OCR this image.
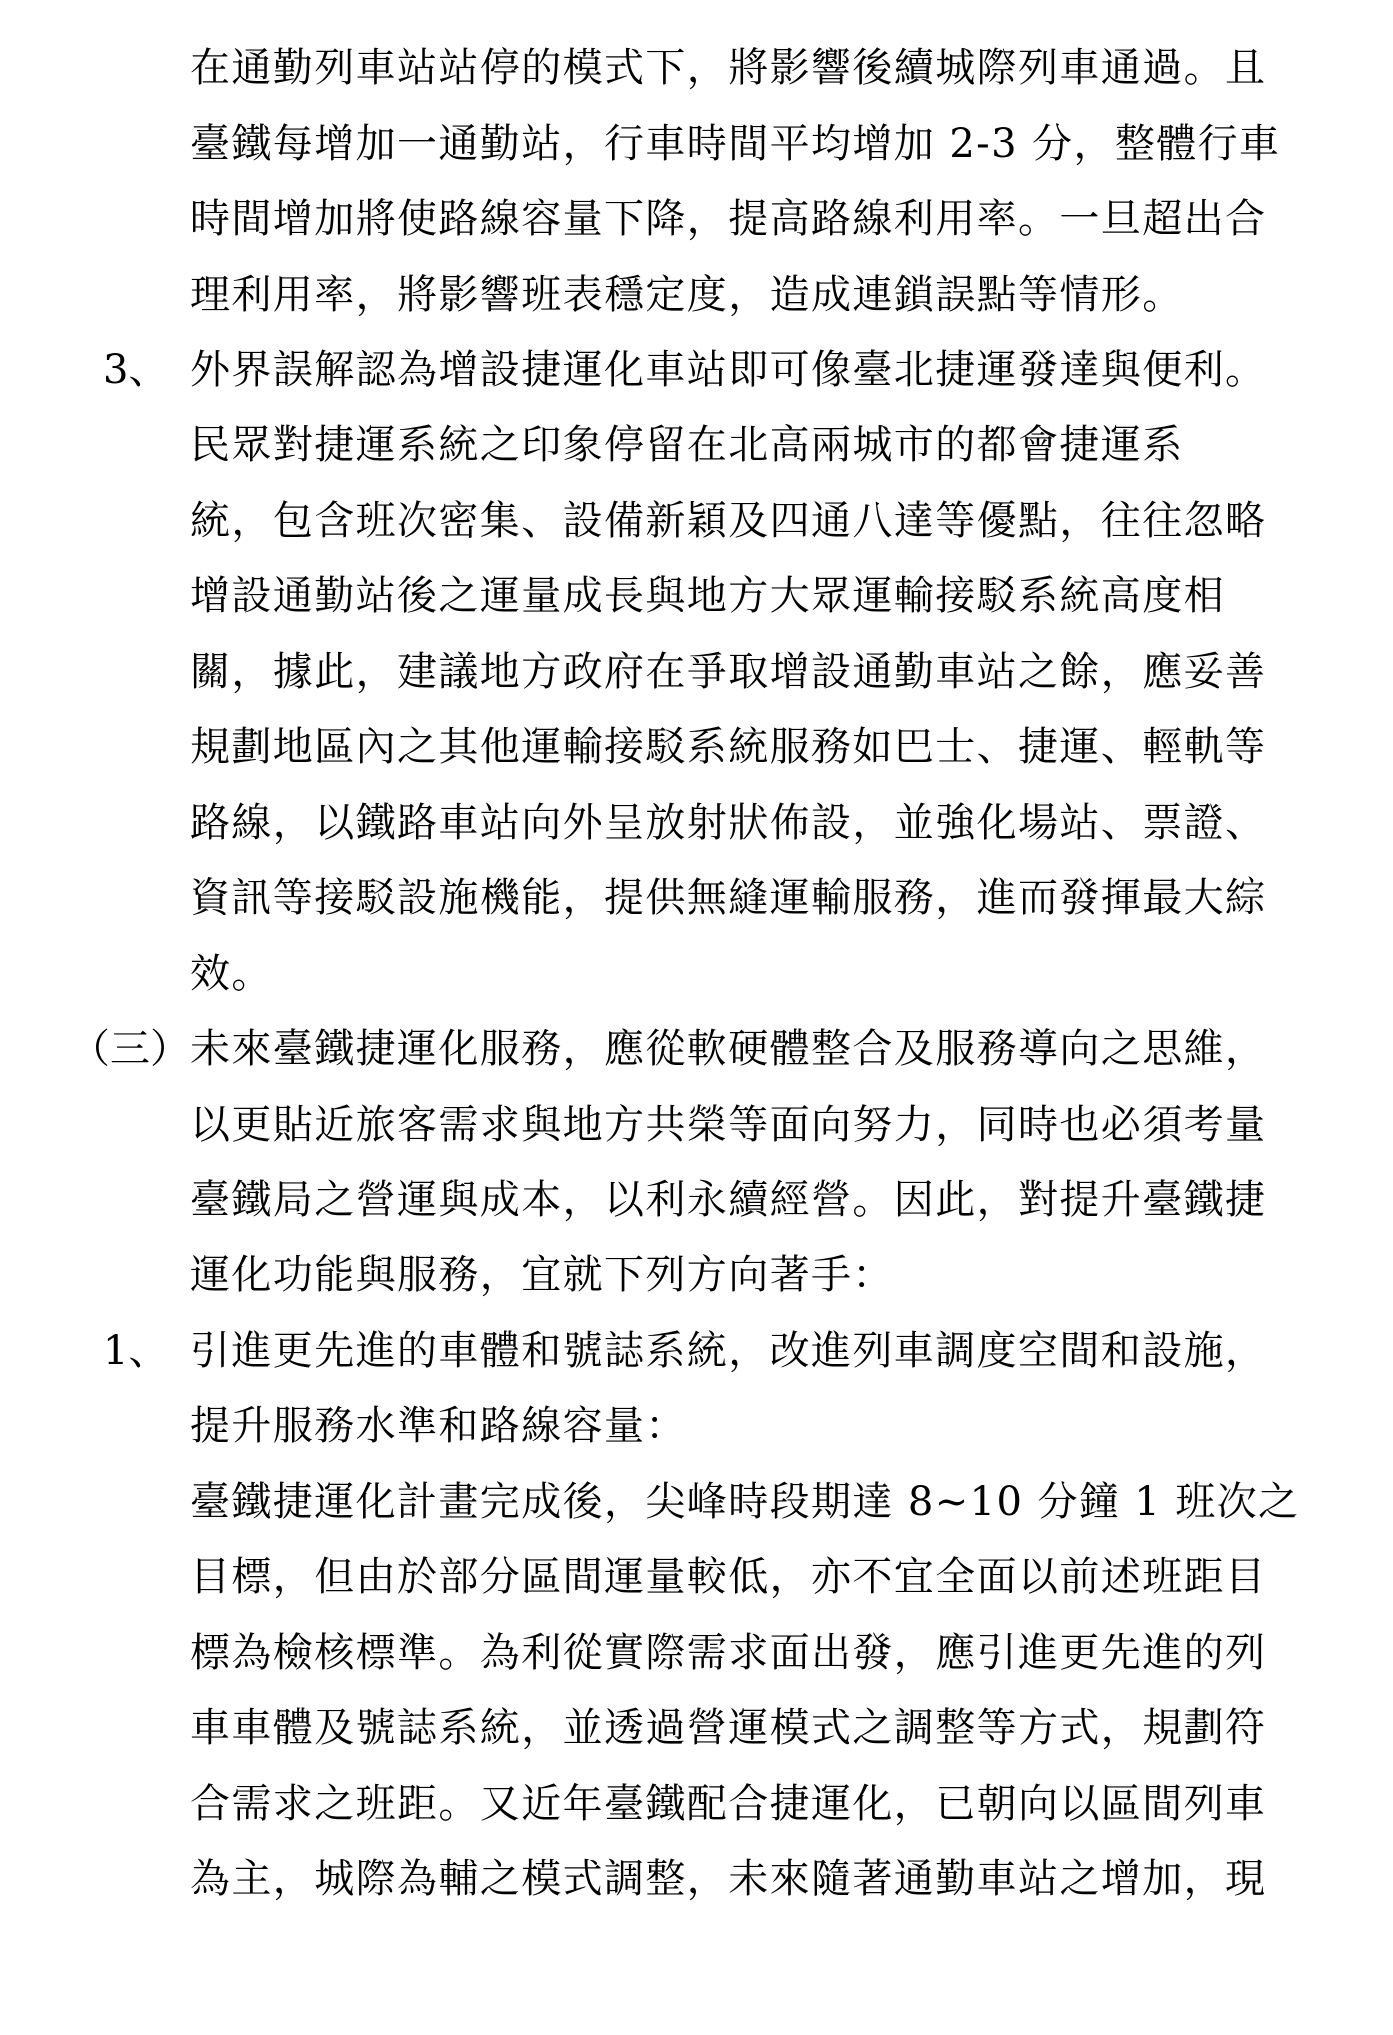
在通勤列車站站停的模式下，將影響後續城際列車通過。且
臺鐵每增加一通勤站，行車時間平均增加 2-3 分，整體行車
時間增加將使路線容量下降，提高路線利用率。一旦超出合
理利用率，將影響班表穩定度，造成連鎖誤點等情形。
3、 外界誤解認為增設捷運化車站即可像臺北捷運發達與便利。
民眾對捷運系統之印象停留在北高兩城市的都會捷運系
統，包含班次密集、設備新穎及四通八達等優點，往往忽略
增設通勤站後之運量成長與地方大眾運輸接駁系統高度相
關，據此，建議地方政府在爭取增設通勤車站之餘，應妥善
規劃地區內之其他運輸接駁系統服務如巴士、捷運、輕軌等
路線，以鐵路車站向外呈放射狀佈設，並強化場站、票證、
資訊等接駁設施機能，提供無縫運輸服務，進而發揮最大綜
效。
（三） 未來臺鐵捷運化服務，應從軟硬體整合及服務導向之思維，
以更貼近旅客需求與地方共榮等面向努力，同時也必須考量
臺鐵局之營運與成本，以利永續經營。因此，對提升臺鐵捷
運化功能與服務，宜就下列方向著手：
1、 引進更先進的車體和號誌系統，改進列車調度空間和設施，
提升服務水準和路線容量：
臺鐵捷運化計畫完成後，尖峰時段期達 8~10 分鐘 1 班次之
目標，但由於部分區間運量較低，亦不宜全面以前述班距目
標為檢核標準。為利從實際需求面出發，應引進更先進的列
車車體及號誌系統，並透過營運模式之調整等方式，規劃符
合需求之班距。又近年臺鐵配合捷運化，已朝向以區間列車
為主，城際為輔之模式調整，未來隨著通勤車站之增加，現
